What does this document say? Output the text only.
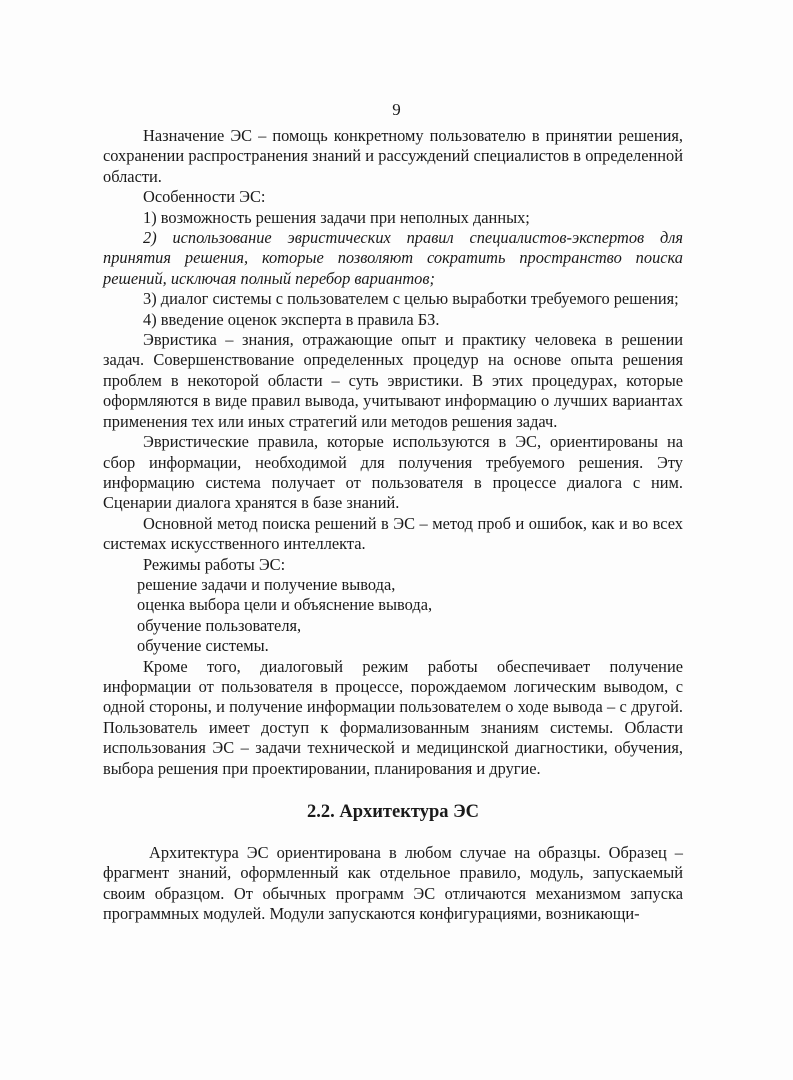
9

Назначение ЭС – помощь конкретному пользователю в принятии решения, сохранении распространения знаний и рассуждений специалистов в определенной области.

Особенности ЭС:

1) возможность решения задачи при неполных данных;

2) использование эвристических правил специалистов-экспертов для принятия решения, которые позволяют сократить пространство поиска решений, исключая полный перебор вариантов;

3) диалог системы с пользователем с целью выработки требуемого решения;

4) введение оценок эксперта в правила БЗ.

Эвристика – знания, отражающие опыт и практику человека в решении задач. Совершенствование определенных процедур на основе опыта решения проблем в некоторой области – суть эвристики. В этих процедурах, которые оформляются в виде правил вывода, учитывают информацию о лучших вариантах применения тех или иных стратегий или методов решения задач.

Эвристические правила, которые используются в ЭС, ориентированы на сбор информации, необходимой для получения требуемого решения. Эту информацию система получает от пользователя в процессе диалога с ним. Сценарии диалога хранятся в базе знаний.

Основной метод поиска решений в ЭС – метод проб и ошибок, как и во всех системах искусственного интеллекта.

Режимы работы ЭС:

решение задачи и получение вывода,

оценка выбора цели и объяснение вывода,

обучение пользователя,

обучение системы.

Кроме того, диалоговый режим работы обеспечивает получение информации от пользователя в процессе, порождаемом логическим выводом, с одной стороны, и получение информации пользователем о ходе вывода – с другой. Пользователь имеет доступ к формализованным знаниям системы. Области использования ЭС – задачи технической и медицинской диагностики, обучения, выбора решения при проектировании, планирования и другие.

2.2. Архитектура ЭС

Архитектура ЭС ориентирована в любом случае на образцы. Образец – фрагмент знаний, оформленный как отдельное правило, модуль, запускаемый своим образцом. От обычных программ ЭС отличаются механизмом запуска программных модулей. Модули запускаются конфигурациями, возникающи-
